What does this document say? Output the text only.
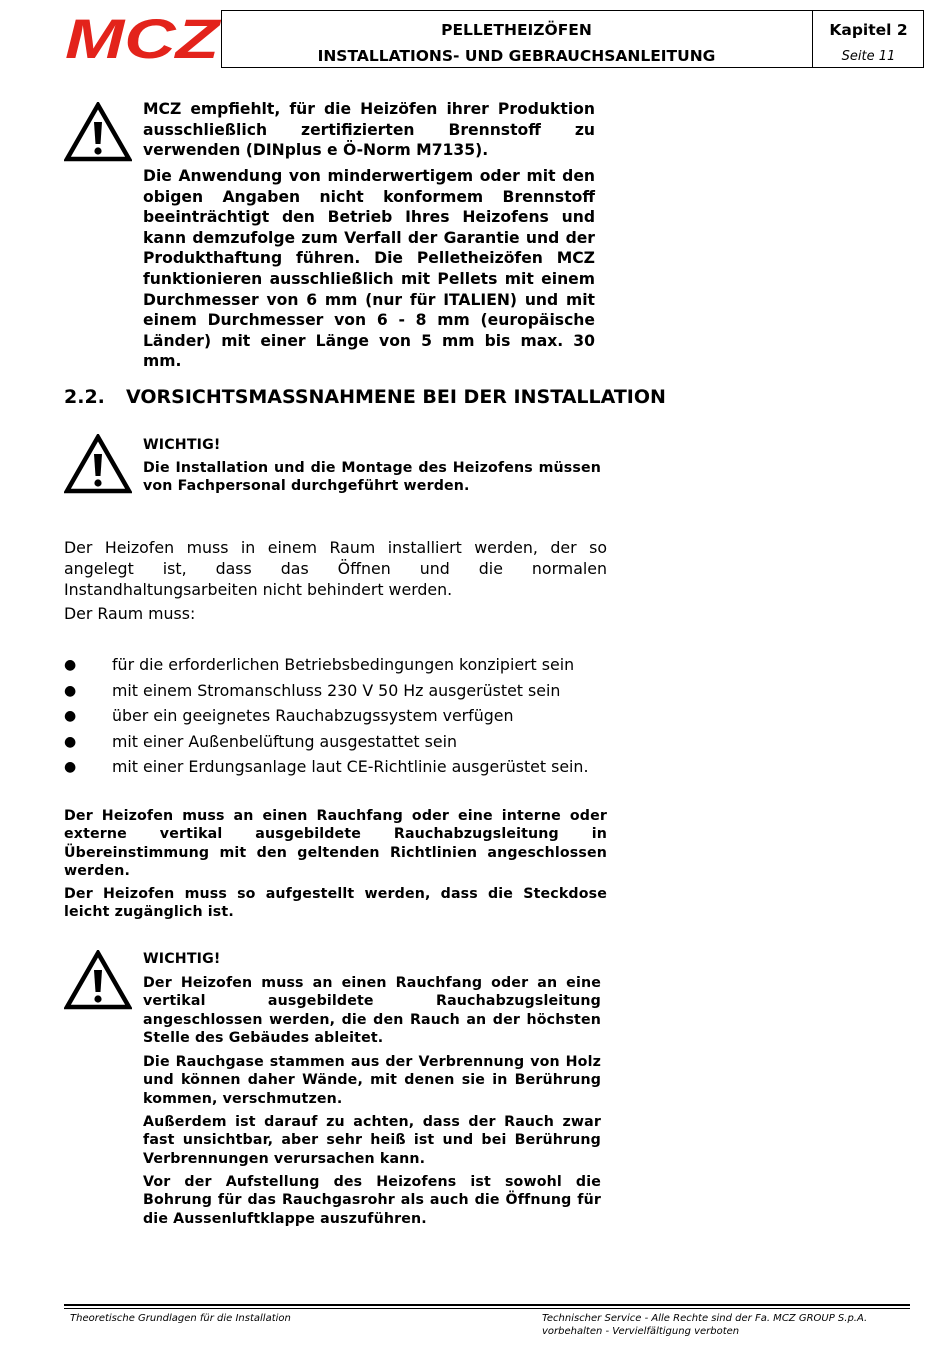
MCZ	PELLETHEIZÖFEN
INSTALLATIONS- UND GEBRAUCHSANLEITUNG
Kapitel 2
Seite 11
MCZ empfiehlt, für die Heizöfen ihrer Produktion ausschließlich zertifizierten Brennstoff zu verwenden (DINplus e Ö-Norm M7135).
Die Anwendung von minderwertigem oder mit den obigen Angaben nicht konformem Brennstoff beeinträchtigt den Betrieb Ihres Heizofens und kann demzufolge zum Verfall der Garantie und der Produkthaftung führen. Die Pelletheizöfen MCZ funktionieren ausschließlich mit Pellets mit einem Durchmesser von 6 mm (nur für ITALIEN) und mit einem Durchmesser von 6 - 8 mm (europäische Länder) mit einer Länge von 5 mm bis max. 30 mm.
2.2. VORSICHTSMASSNAHMENE BEI DER INSTALLATION
WICHTIG!
Die Installation und die Montage des Heizofens müssen von Fachpersonal durchgeführt werden.
Der Heizofen muss in einem Raum installiert werden, der so angelegt ist, dass das Öffnen und die normalen Instandhaltungsarbeiten nicht behindert werden.
Der Raum muss:
● für die erforderlichen Betriebsbedingungen konzipiert sein
● mit einem Stromanschluss 230 V 50 Hz ausgerüstet sein
● über ein geeignetes Rauchabzugssystem verfügen
● mit einer Außenbelüftung ausgestattet sein
● mit einer Erdungsanlage laut CE-Richtlinie ausgerüstet sein.
Der Heizofen muss an einen Rauchfang oder eine interne oder externe vertikal ausgebildete Rauchabzugsleitung in Übereinstimmung mit den geltenden Richtlinien angeschlossen werden.
Der Heizofen muss so aufgestellt werden, dass die Steckdose leicht zugänglich ist.
WICHTIG!
Der Heizofen muss an einen Rauchfang oder an eine vertikal ausgebildete Rauchabzugsleitung angeschlossen werden, die den Rauch an der höchsten Stelle des Gebäudes ableitet.
Die Rauchgase stammen aus der Verbrennung von Holz und können daher Wände, mit denen sie in Berührung kommen, verschmutzen.
Außerdem ist darauf zu achten, dass der Rauch zwar fast unsichtbar, aber sehr heiß ist und bei Berührung Verbrennungen verursachen kann.
Vor der Aufstellung des Heizofens ist sowohl die Bohrung für das Rauchgasrohr als auch die Öffnung für die Aussenluftklappe auszuführen.
Theoretische Grundlagen für die Installation	Technischer Service - Alle Rechte sind der Fa. MCZ GROUP S.p.A. vorbehalten - Vervielfältigung verboten
